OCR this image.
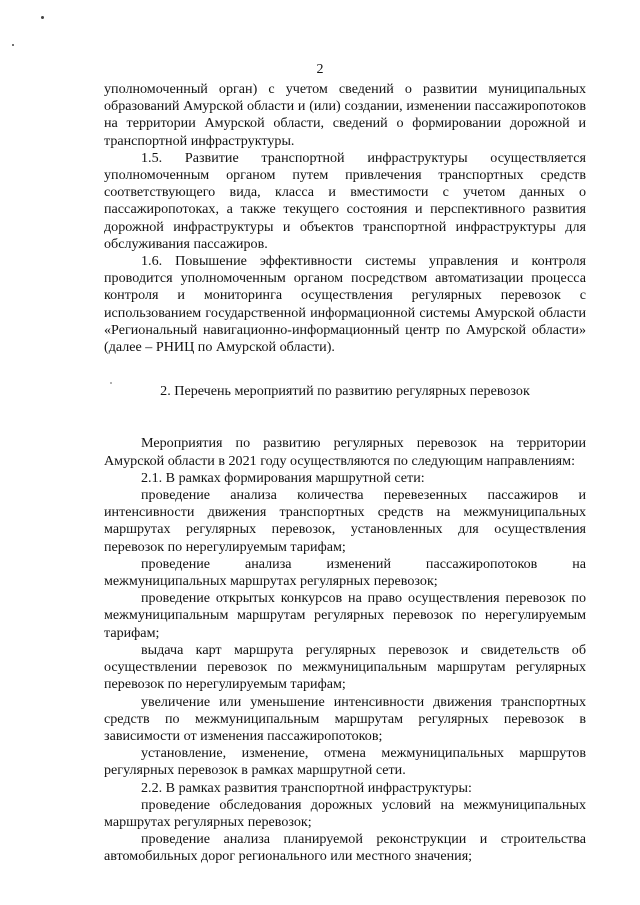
2

уполномоченный орган) с учетом сведений о развитии муниципальных образований Амурской области и (или) создании, изменении пассажиропотоков на территории Амурской области, сведений о формировании дорожной и транспортной инфраструктуры.

1.5. Развитие транспортной инфраструктуры осуществляется уполномоченным органом путем привлечения транспортных средств соответствующего вида, класса и вместимости с учетом данных о пассажиропотоках, а также текущего состояния и перспективного развития дорожной инфраструктуры и объектов транспортной инфраструктуры для обслуживания пассажиров.

1.6. Повышение эффективности системы управления и контроля проводится уполномоченным органом посредством автоматизации процесса контроля и мониторинга осуществления регулярных перевозок с использованием государственной информационной системы Амурской области «Региональный навигационно-информационный центр по Амурской области» (далее – РНИЦ по Амурской области).

2. Перечень мероприятий по развитию регулярных перевозок

Мероприятия по развитию регулярных перевозок на территории Амурской области в 2021 году осуществляются по следующим направлениям:

2.1. В рамках формирования маршрутной сети:

проведение анализа количества перевезенных пассажиров и интенсивности движения транспортных средств на межмуниципальных маршрутах регулярных перевозок, установленных для осуществления перевозок по нерегулируемым тарифам;

проведение анализа изменений пассажиропотоков на межмуниципальных маршрутах регулярных перевозок;

проведение открытых конкурсов на право осуществления перевозок по межмуниципальным маршрутам регулярных перевозок по нерегулируемым тарифам;

выдача карт маршрута регулярных перевозок и свидетельств об осуществлении перевозок по межмуниципальным маршрутам регулярных перевозок по нерегулируемым тарифам;

увеличение или уменьшение интенсивности движения транспортных средств по межмуниципальным маршрутам регулярных перевозок в зависимости от изменения пассажиропотоков;

установление, изменение, отмена межмуниципальных маршрутов регулярных перевозок в рамках маршрутной сети.

2.2. В рамках развития транспортной инфраструктуры:

проведение обследования дорожных условий на межмуниципальных маршрутах регулярных перевозок;

проведение анализа планируемой реконструкции и строительства автомобильных дорог регионального или местного значения;
